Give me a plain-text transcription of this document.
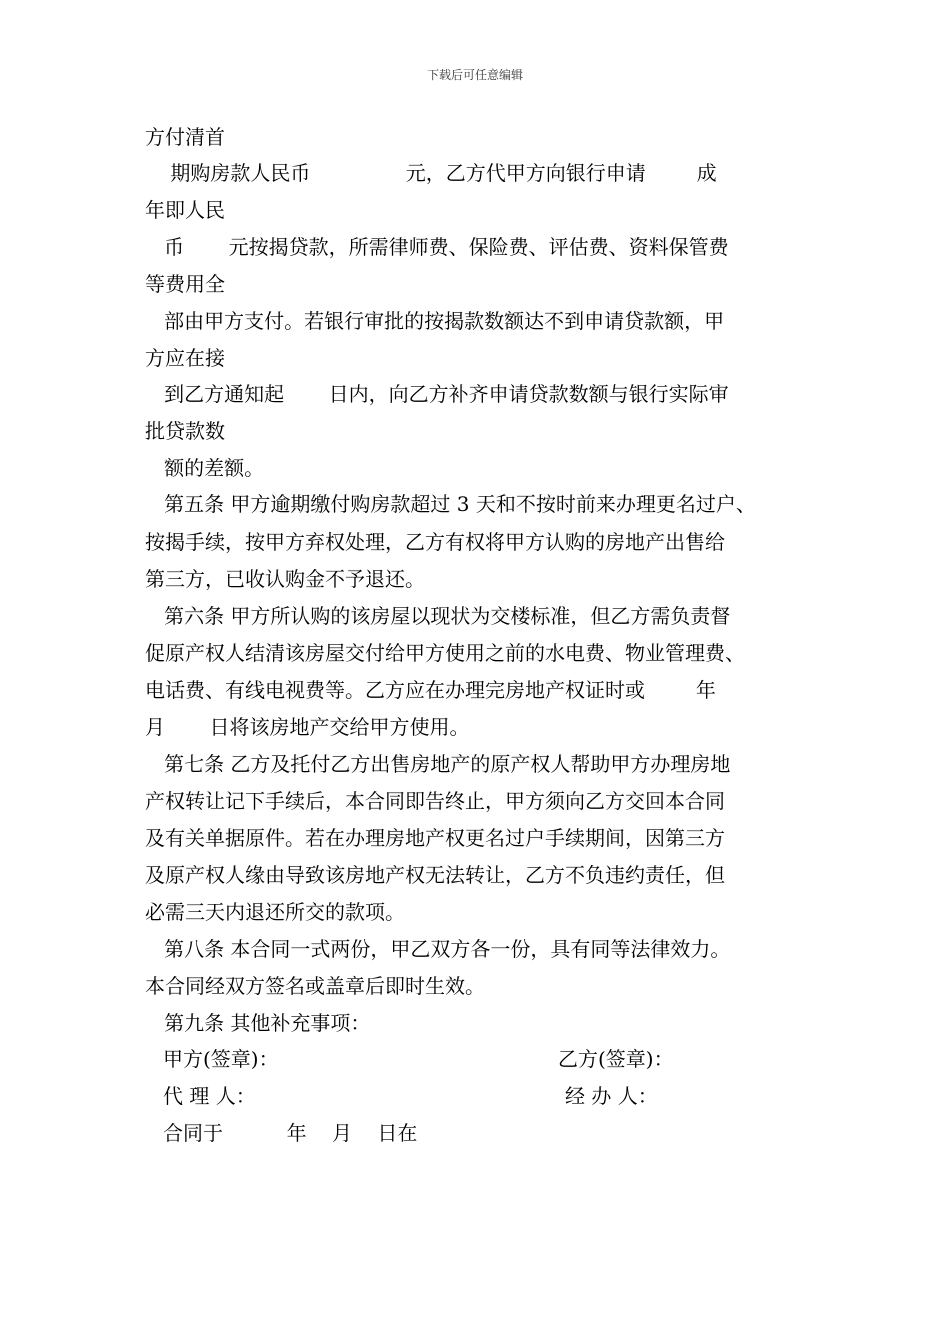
下载后可任意编辑
方付清首
期购房款人民币               元，乙方代甲方向银行申请        成
年即人民
币       元按揭贷款，所需律师费、保险费、评估费、资料保管费
等费用全
部由甲方支付。若银行审批的按揭款数额达不到申请贷款额，甲
方应在接
到乙方通知起       日内，向乙方补齐申请贷款数额与银行实际审
批贷款数
额的差额。
第五条 甲方逾期缴付购房款超过 3 天和不按时前来办理更名过户、
按揭手续，按甲方弃权处理，乙方有权将甲方认购的房地产出售给
第三方，已收认购金不予退还。
第六条 甲方所认购的该房屋以现状为交楼标准，但乙方需负责督
促原产权人结清该房屋交付给甲方使用之前的水电费、物业管理费、
电话费、有线电视费等。乙方应在办理完房地产权证时或        年
月       日将该房地产交给甲方使用。
第七条 乙方及托付乙方出售房地产的原产权人帮助甲方办理房地
产权转让记下手续后，本合同即告终止，甲方须向乙方交回本合同
及有关单据原件。若在办理房地产权更名过户手续期间，因第三方
及原产权人缘由导致该房地产权无法转让，乙方不负违约责任，但
必需三天内退还所交的款项。
第八条 本合同一式两份，甲乙双方各一份，具有同等法律效力。
本合同经双方签名或盖章后即时生效。
第九条 其他补充事项：
甲方(签章)：	乙方(签章)：
代 理 人：	经 办 人：
合同于          年    月    日在
